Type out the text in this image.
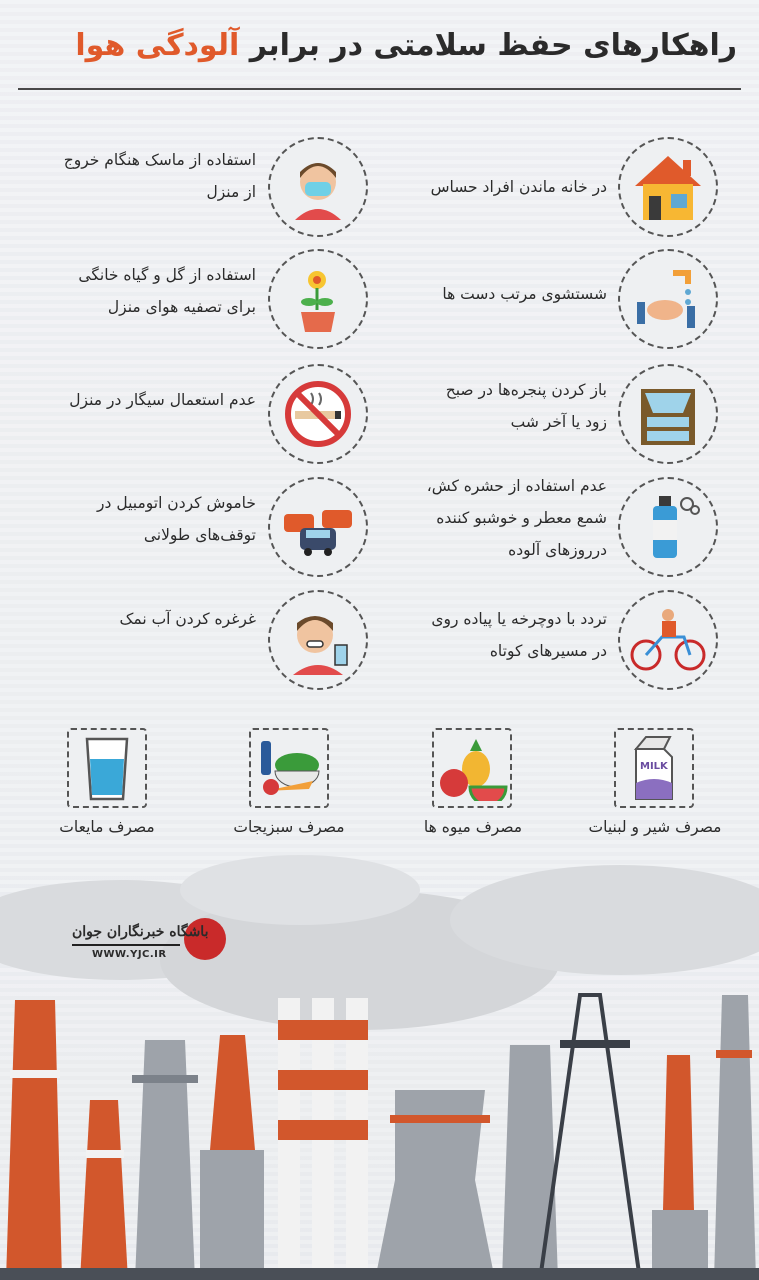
راهکارهای حفظ سلامتی در برابر آلودگی هوا
در خانه ماندن افراد حساس
شستشوی مرتب دست ها
باز کردن پنجره‌ها در صبح
زود یا آخر شب
عدم استفاده از حشره کش،
شمع معطر و خوشبو کننده
درروزهای آلوده
تردد با دوچرخه یا پیاده روی
در مسیرهای کوتاه
استفاده از ماسک هنگام خروج
از منزل
استفاده از گل و گیاه خانگی
برای تصفیه هوای منزل
عدم استعمال سیگار در منزل
خاموش کردن اتومبیل در
توقف‌های طولانی
غرغره کردن آب نمک
MILK
مصرف شیر و لبنیات
مصرف میوه ها
مصرف سبزیجات
مصرف مایعات
باشگاه خبرنگاران جوان
WWW.YJC.IR
